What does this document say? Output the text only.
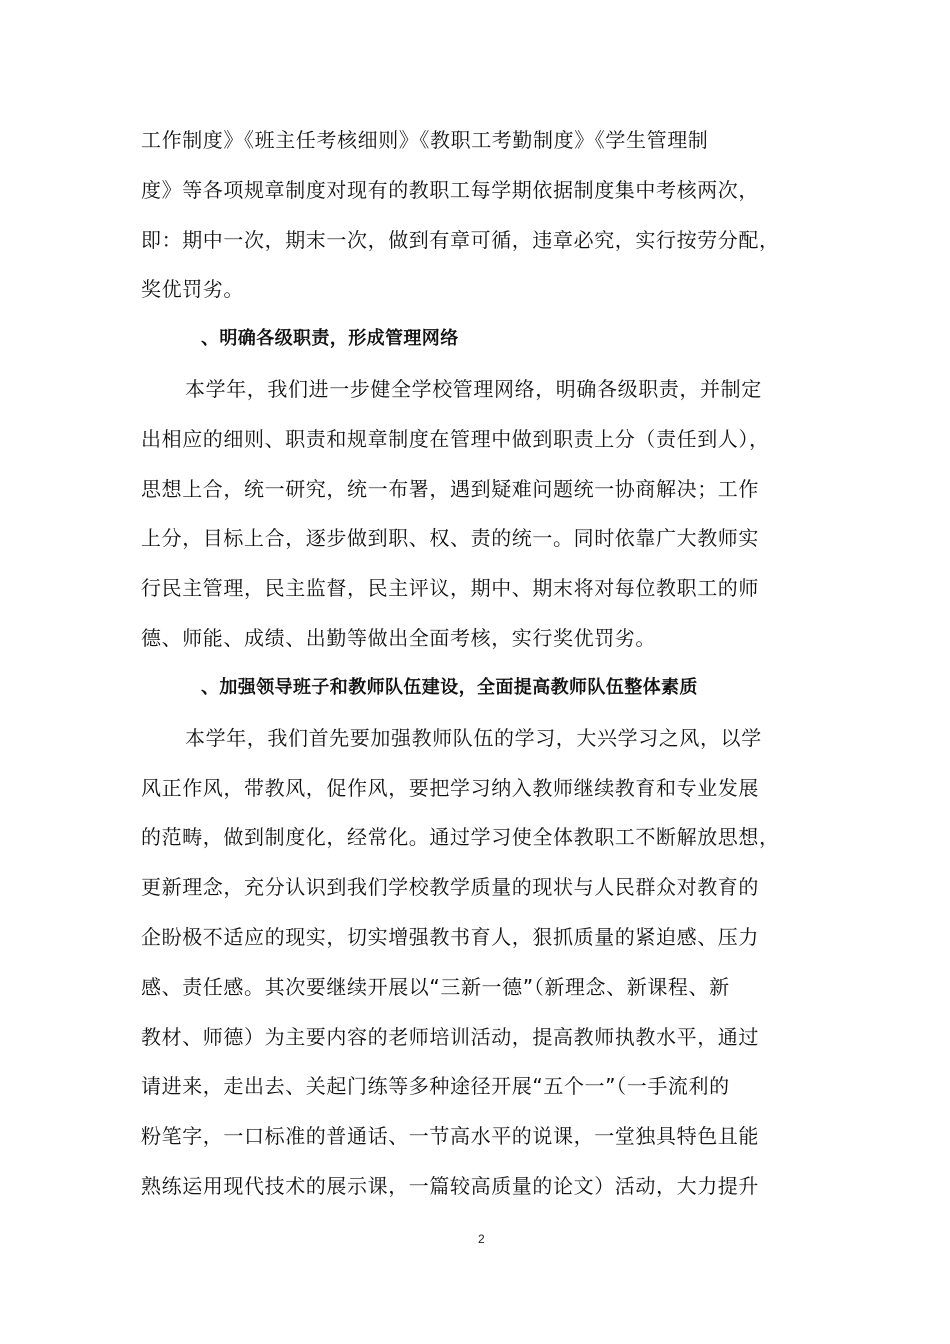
工作制度》《班主任考核细则》《教职工考勤制度》《学生管理制
度》等各项规章制度对现有的教职工每学期依据制度集中考核两次，
即：期中一次，期末一次，做到有章可循，违章必究，实行按劳分配，
奖优罚劣。
、明确各级职责，形成管理网络
本学年，我们进一步健全学校管理网络，明确各级职责，并制定
出相应的细则、职责和规章制度在管理中做到职责上分（责任到人），
思想上合，统一研究，统一布署，遇到疑难问题统一协商解决；工作
上分，目标上合，逐步做到职、权、责的统一。同时依靠广大教师实
行民主管理，民主监督，民主评议，期中、期末将对每位教职工的师
德、师能、成绩、出勤等做出全面考核，实行奖优罚劣。
、加强领导班子和教师队伍建设，全面提高教师队伍整体素质
本学年，我们首先要加强教师队伍的学习，大兴学习之风，以学
风正作风，带教风，促作风，要把学习纳入教师继续教育和专业发展
的范畴，做到制度化，经常化。通过学习使全体教职工不断解放思想，
更新理念，充分认识到我们学校教学质量的现状与人民群众对教育的
企盼极不适应的现实，切实增强教书育人，狠抓质量的紧迫感、压力
感、责任感。其次要继续开展以“三新一德”（新理念、新课程、新
教材、师德）为主要内容的老师培训活动，提高教师执教水平，通过
请进来，走出去、关起门练等多种途径开展“五个一”（一手流利的
粉笔字，一口标准的普通话、一节高水平的说课，一堂独具特色且能
熟练运用现代技术的展示课，一篇较高质量的论文）活动，大力提升
2
